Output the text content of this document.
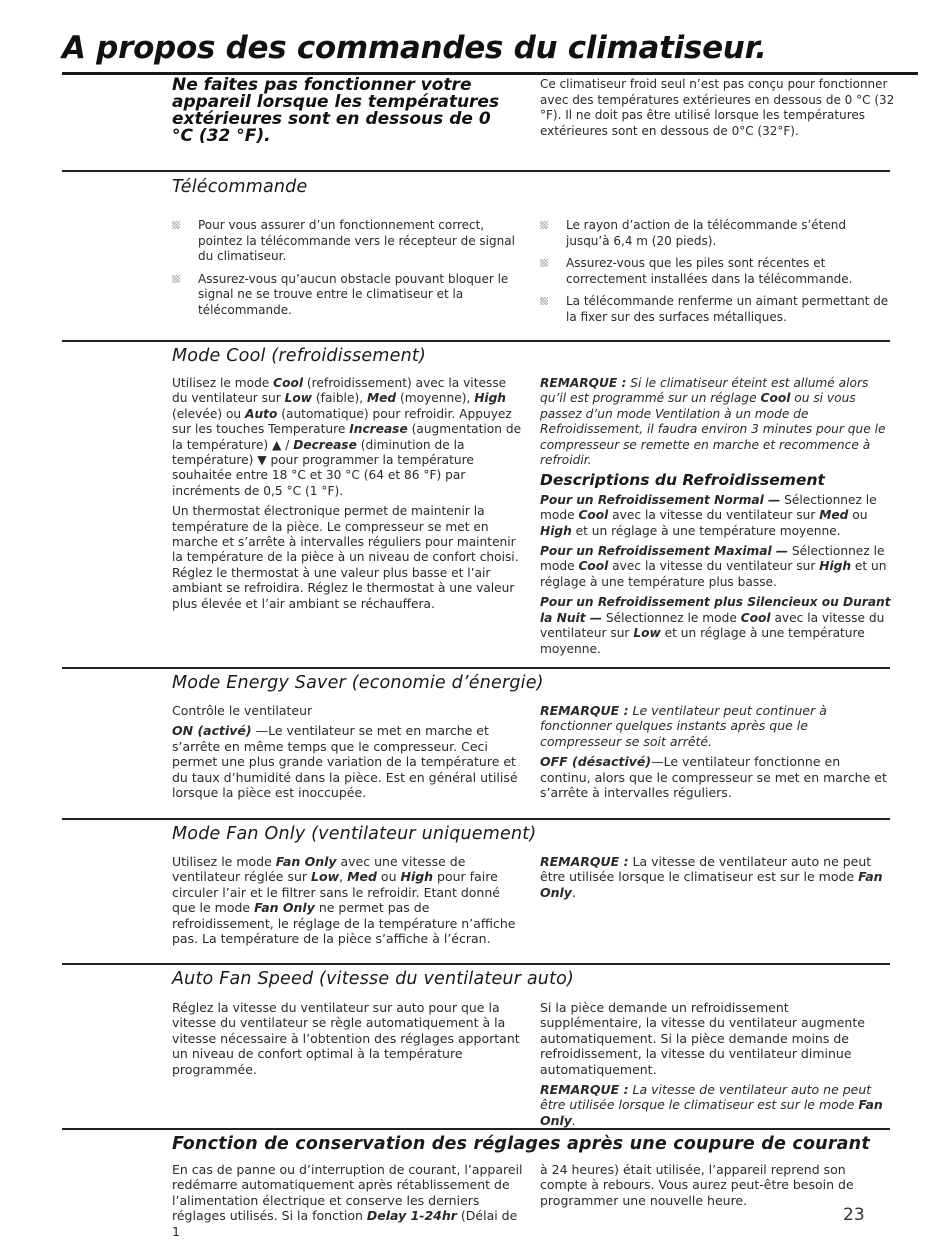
A propos des commandes du climatiseur.
Ne faites pas fonctionner votre appareil lorsque les températures extérieures sont en dessous de 0 °C (32 °F).

Ce climatiseur froid seul n’est pas conçu pour fonctionner avec des températures extérieures en dessous de 0 °C (32 °F). Il ne doit pas être utilisé lorsque les températures extérieures sont en dessous de 0°C (32°F).

Télécommande
Pour vous assurer d’un fonctionnement correct, pointez la télécommande vers le récepteur de signal du climatiseur.
Assurez-vous qu’aucun obstacle pouvant bloquer le signal ne se trouve entre le climatiseur et la télécommande.
Le rayon d’action de la télécommande s’étend jusqu’à 6,4 m (20 pieds).
Assurez-vous que les piles sont récentes et correctement installées dans la télécommande.
La télécommande renferme un aimant permettant de la fixer sur des surfaces métalliques.
Mode Cool (refroidissement)

Utilisez le mode Cool (refroidissement) avec la vitesse du ventilateur sur Low (faible), Med (moyenne), High (elevée) ou Auto (automatique) pour refroidir. Appuyez sur les touches Temperature Increase (augmentation de la température) ▲ / Decrease (diminution de la température) ▼ pour programmer la température souhaitée entre 18 °C et 30 °C (64 et 86 °F) par incréments de 0,5 °C (1 °F).

Un thermostat électronique permet de maintenir la température de la pièce. Le compresseur se met en marche et s’arrête à intervalles réguliers pour maintenir la température de la pièce à un niveau de confort choisi. Réglez le thermostat à une valeur plus basse et l’air ambiant se refroidira. Réglez le thermostat à une valeur plus élevée et l’air ambiant se réchauffera.

REMARQUE : Si le climatiseur éteint est allumé alors qu’il est programmé sur un réglage Cool ou si vous passez d’un mode Ventilation à un mode de Refroidissement, il faudra environ 3 minutes pour que le compresseur se remette en marche et recommence à refroidir.

Descriptions du Refroidissement

Pour un Refroidissement Normal — Sélectionnez le mode Cool avec la vitesse du ventilateur sur Med ou High et un réglage à une température moyenne.

Pour un Refroidissement Maximal — Sélectionnez le mode Cool avec la vitesse du ventilateur sur High et un réglage à une température plus basse.

Pour un Refroidissement plus Silencieux ou Durant la Nuit — Sélectionnez le mode Cool avec la vitesse du ventilateur sur Low et un réglage à une température moyenne.

Mode Energy Saver (economie d’énergie)

Contrôle le ventilateur

ON (activé) —Le ventilateur se met en marche et s’arrête en même temps que le compresseur. Ceci permet une plus grande variation de la température et du taux d’humidité dans la pièce. Est en général utilisé lorsque la pièce est inoccupée.

REMARQUE : Le ventilateur peut continuer à fonctionner quelques instants après que le compresseur se soit arrêté.

OFF (désactivé)—Le ventilateur fonctionne en continu, alors que le compresseur se met en marche et s’arrête à intervalles réguliers.

Mode Fan Only (ventilateur uniquement)

Utilisez le mode Fan Only avec une vitesse de ventilateur réglée sur Low, Med ou High pour faire circuler l’air et le filtrer sans le refroidir. Etant donné que le mode Fan Only ne permet pas de refroidissement, le réglage de la température n’affiche pas. La température de la pièce s’affiche à l’écran.

REMARQUE : La vitesse de ventilateur auto ne peut être utilisée lorsque le climatiseur est sur le mode Fan Only.

Auto Fan Speed (vitesse du ventilateur auto)

Réglez la vitesse du ventilateur sur auto pour que la vitesse du ventilateur se règle automatiquement à la vitesse nécessaire à l’obtention des réglages apportant un niveau de confort optimal à la température programmée.

Si la pièce demande un refroidissement supplémentaire, la vitesse du ventilateur augmente automatiquement. Si la pièce demande moins de refroidissement, la vitesse du ventilateur diminue automatiquement.

REMARQUE : La vitesse de ventilateur auto ne peut être utilisée lorsque le climatiseur est sur le mode Fan Only.

Fonction de conservation des réglages après une coupure de courant

En cas de panne ou d’interruption de courant, l’appareil redémarre automatiquement après rétablissement de l’alimentation électrique et conserve les derniers réglages utilisés. Si la fonction Delay 1-24hr (Délai de 1

à 24 heures) était utilisée, l’appareil reprend son compte à rebours. Vous aurez peut-être besoin de programmer une nouvelle heure.

23
